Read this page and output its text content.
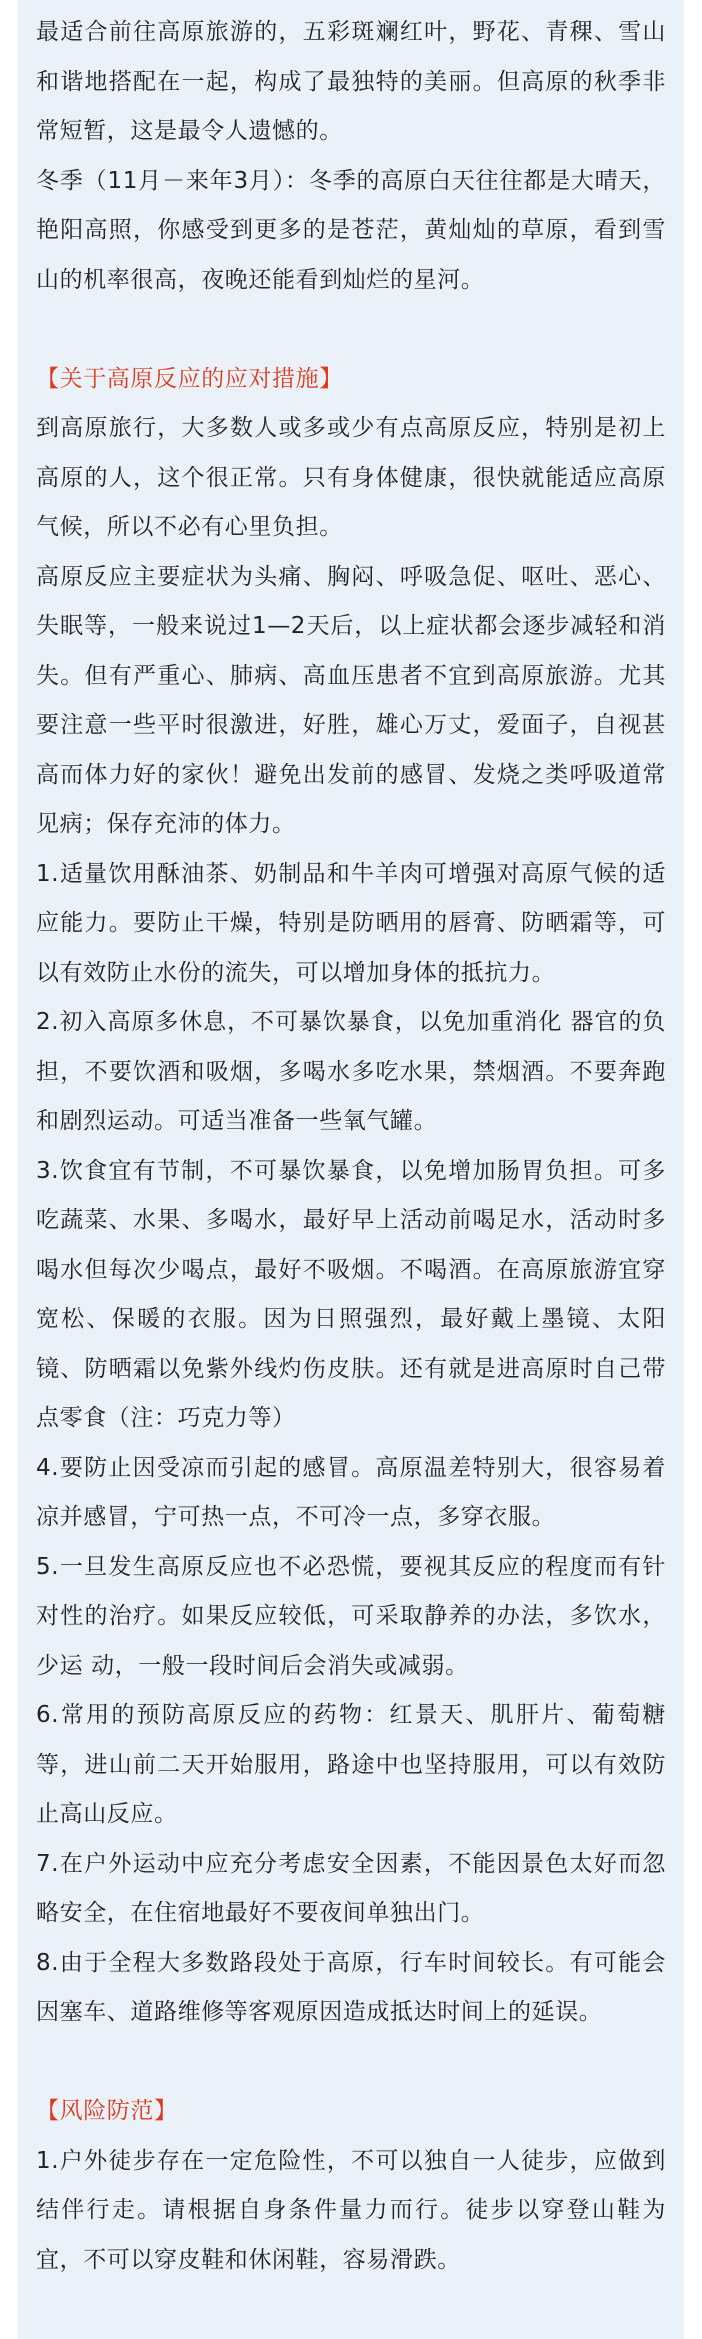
最适合前往高原旅游的，五彩斑斓红叶，野花、青稞、雪山和谐地搭配在一起，构成了最独特的美丽。但高原的秋季非常短暂，这是最令人遗憾的。

冬季（11月－来年3月）：冬季的高原白天往往都是大晴天，艳阳高照，你感受到更多的是苍茫，黄灿灿的草原，看到雪山的机率很高，夜晚还能看到灿烂的星河。

【关于高原反应的应对措施】

到高原旅行，大多数人或多或少有点高原反应，特别是初上高原的人，这个很正常。只有身体健康，很快就能适应高原气候，所以不必有心里负担。

高原反应主要症状为头痛、胸闷、呼吸急促、呕吐、恶心、失眠等，一般来说过1—2天后，以上症状都会逐步减轻和消失。但有严重心、肺病、高血压患者不宜到高原旅游。尤其要注意一些平时很激进，好胜，雄心万丈，爱面子，自视甚高而体力好的家伙！避免出发前的感冒、发烧之类呼吸道常见病；保存充沛的体力。

1.适量饮用酥油茶、奶制品和牛羊肉可增强对高原气候的适应能力。要防止干燥，特别是防晒用的唇膏、防晒霜等，可以有效防止水份的流失，可以增加身体的抵抗力。

2.初入高原多休息，不可暴饮暴食，以免加重消化 器官的负担，不要饮酒和吸烟，多喝水多吃水果，禁烟酒。不要奔跑和剧烈运动。可适当准备一些氧气罐。

3.饮食宜有节制，不可暴饮暴食，以免增加肠胃负担。可多吃蔬菜、水果、多喝水，最好早上活动前喝足水，活动时多喝水但每次少喝点，最好不吸烟。不喝酒。在高原旅游宜穿宽松、保暖的衣服。因为日照强烈，最好戴上墨镜、太阳镜、防晒霜以免紫外线灼伤皮肤。还有就是进高原时自己带点零食（注：巧克力等）

4.要防止因受凉而引起的感冒。高原温差特别大，很容易着凉并感冒，宁可热一点，不可冷一点，多穿衣服。

5.一旦发生高原反应也不必恐慌，要视其反应的程度而有针对性的治疗。如果反应较低，可采取静养的办法，多饮水，少运 动，一般一段时间后会消失或减弱。

6.常用的预防高原反应的药物：红景天、肌肝片、葡萄糖等，进山前二天开始服用，路途中也坚持服用，可以有效防止高山反应。

7.在户外运动中应充分考虑安全因素，不能因景色太好而忽略安全，在住宿地最好不要夜间单独出门。

8.由于全程大多数路段处于高原，行车时间较长。有可能会因塞车、道路维修等客观原因造成抵达时间上的延误。

【风险防范】

1.户外徒步存在一定危险性，不可以独自一人徒步，应做到结伴行走。请根据自身条件量力而行。徒步以穿登山鞋为宜，不可以穿皮鞋和休闲鞋，容易滑跌。
